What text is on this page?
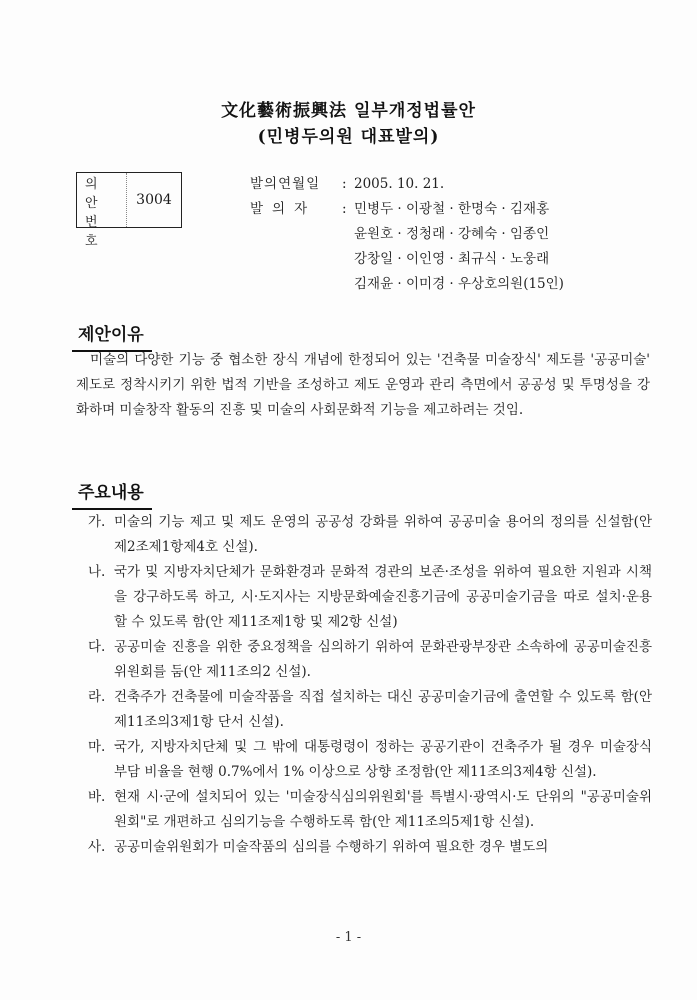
文化藝術振興法 일부개정법률안
(민병두의원 대표발의)
의안
번호
3004
발의연월일	: 2005. 10. 21.
발의자	: 민병두 · 이광철 · 한명숙 · 김재홍
윤원호 · 정청래 · 강혜숙 · 임종인
강창일 · 이인영 · 최규식 · 노웅래
김재윤 · 이미경 · 우상호의원(15인)
제안이유
미술의 다양한 기능 중 협소한 장식 개념에 한정되어 있는 '건축물 미술장식' 제도를 '공공미술' 제도로 정착시키기 위한 법적 기반을 조성하고 제도 운영과 관리 측면에서 공공성 및 투명성을 강화하며 미술창작 활동의 진흥 및 미술의 사회문화적 기능을 제고하려는 것임.
주요내용
가. 미술의 기능 제고 및 제도 운영의 공공성 강화를 위하여 공공미술 용어의 정의를 신설함(안 제2조제1항제4호 신설).
나. 국가 및 지방자치단체가 문화환경과 문화적 경관의 보존·조성을 위하여 필요한 지원과 시책을 강구하도록 하고, 시·도지사는 지방문화예술진흥기금에 공공미술기금을 따로 설치·운용할 수 있도록 함(안 제11조제1항 및 제2항 신설)
다. 공공미술 진흥을 위한 중요정책을 심의하기 위하여 문화관광부장관 소속하에 공공미술진흥위원회를 둠(안 제11조의2 신설).
라. 건축주가 건축물에 미술작품을 직접 설치하는 대신 공공미술기금에 출연할 수 있도록 함(안 제11조의3제1항 단서 신설).
마. 국가, 지방자치단체 및 그 밖에 대통령령이 정하는 공공기관이 건축주가 될 경우 미술장식 부담 비율을 현행 0.7%에서 1% 이상으로 상향 조정함(안 제11조의3제4항 신설).
바. 현재 시·군에 설치되어 있는 '미술장식심의위원회'를 특별시·광역시·도 단위의 "공공미술위원회"로 개편하고 심의기능을 수행하도록 함(안 제11조의5제1항 신설).
사. 공공미술위원회가 미술작품의 심의를 수행하기 위하여 필요한 경우 별도의
- 1 -
